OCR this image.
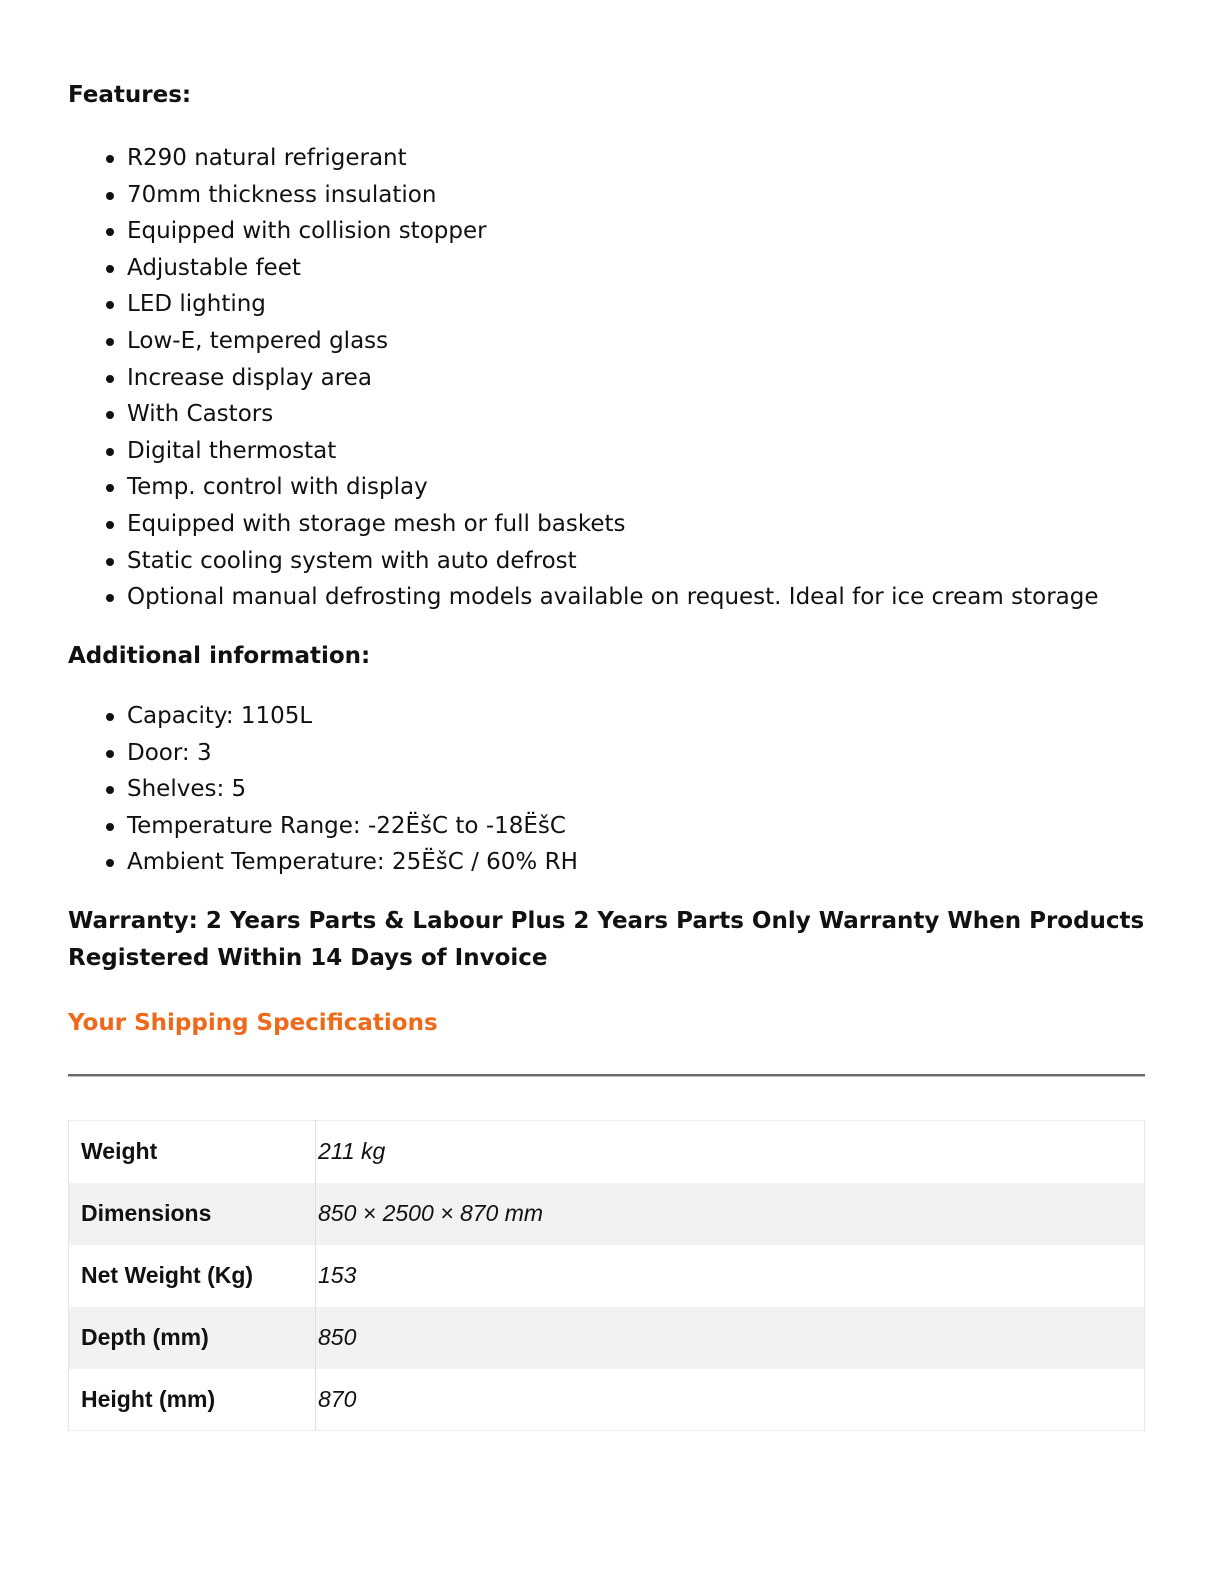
Features:
R290 natural refrigerant
70mm thickness insulation
Equipped with collision stopper
Adjustable feet
LED lighting
Low-E, tempered glass
Increase display area
With Castors
Digital thermostat
Temp. control with display
Equipped with storage mesh or full baskets
Static cooling system with auto defrost
Optional manual defrosting models available on request. Ideal for ice cream storage
Additional information:
Capacity: 1105L
Door: 3
Shelves: 5
Temperature Range: -22ËšC to -18ËšC
Ambient Temperature: 25ËšC / 60% RH

Warranty: 2 Years Parts & Labour Plus 2 Years Parts Only Warranty When Products Registered Within 14 Days of Invoice

Your Shipping Specifications
Weight	211 kg
Dimensions	850 × 2500 × 870 mm
Net Weight (Kg)	153
Depth (mm)	850
Height (mm)	870
